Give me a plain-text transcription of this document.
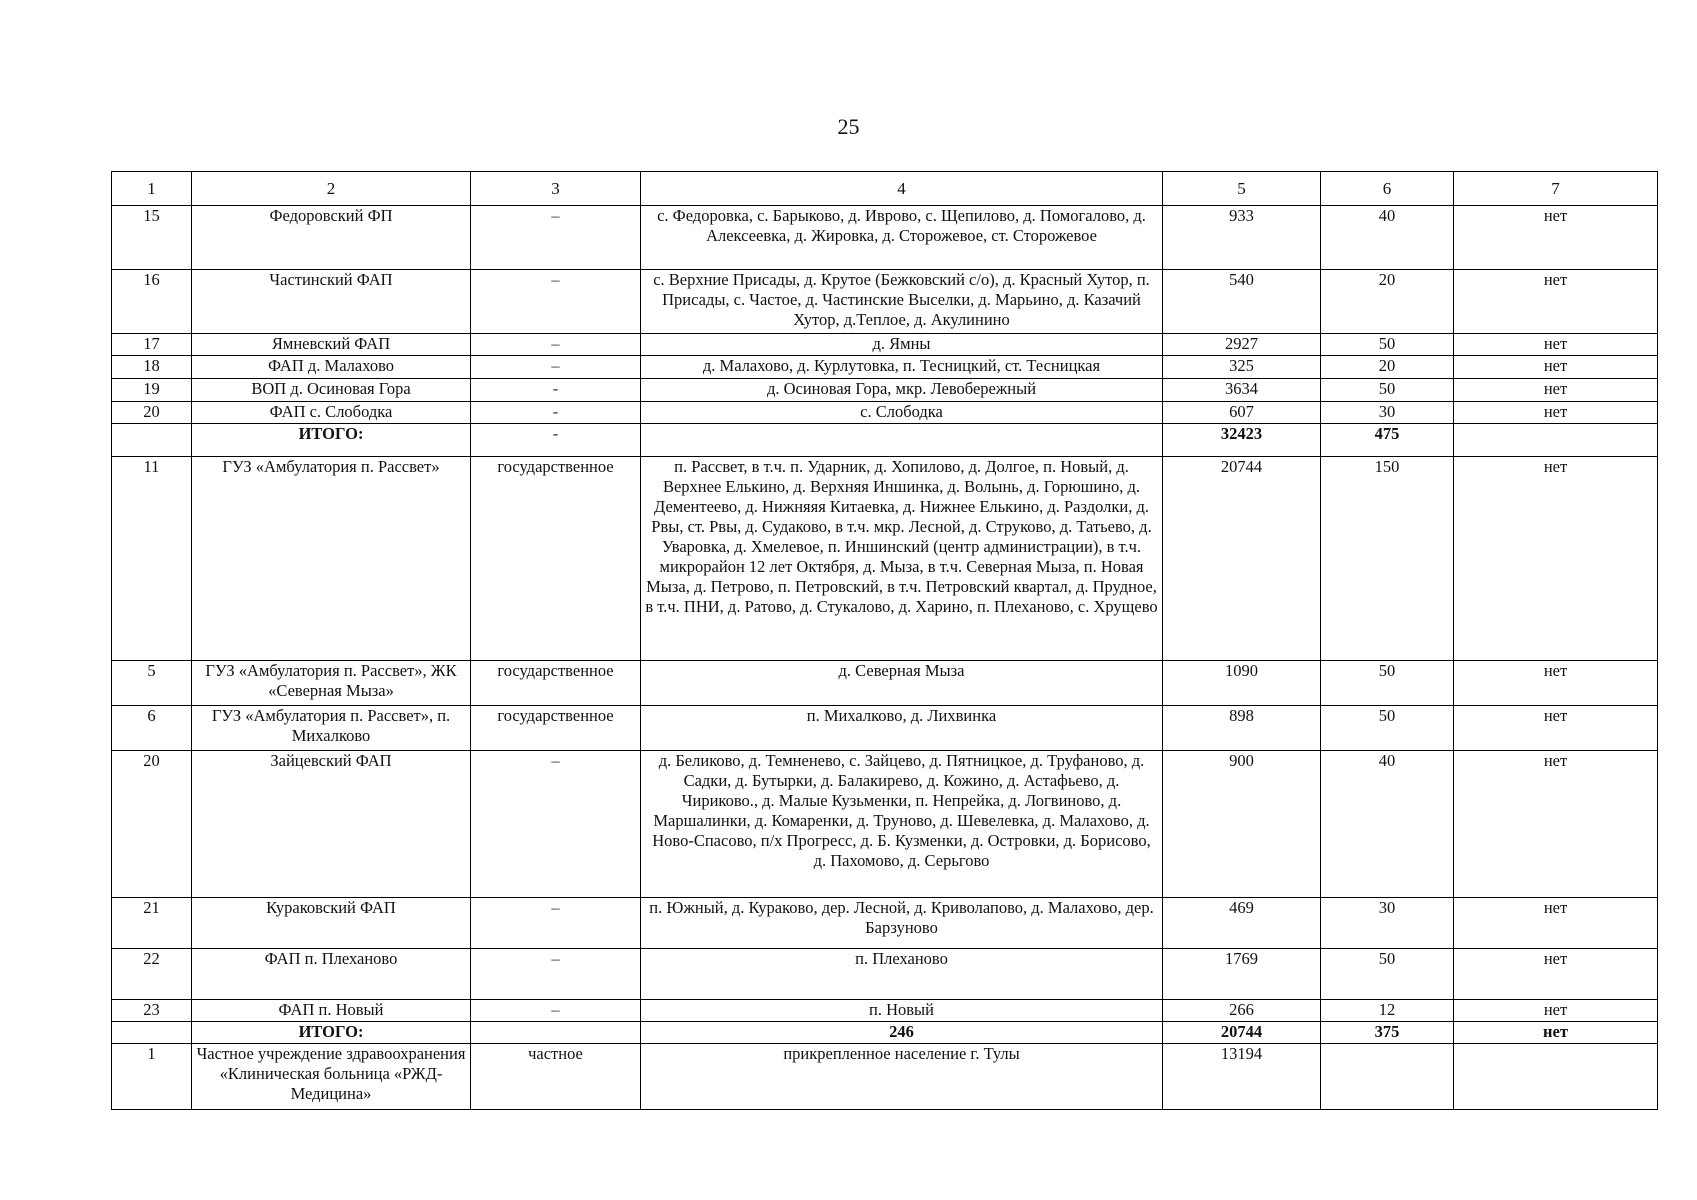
25
1	2	3	4	5	6	7
15	Федоровский ФП	–	с. Федоровка, с. Барыково, д. Иврово, с. Щепилово, д. Помогалово, д. Алексеевка, д. Жировка, д. Сторожевое, ст. Сторожевое	933	40	нет
16	Частинский ФАП	–	с. Верхние Присады, д. Крутое (Бежковский с/о), д. Красный Хутор, п. Присады, с. Частое, д. Частинские Выселки, д. Марьино, д. Казачий Хутор, д.Теплое, д. Акулинино	540	20	нет
17	Ямневский ФАП	–	д. Ямны	2927	50	нет
18	ФАП д. Малахово	–	д. Малахово, д. Курлутовка, п. Тесницкий, ст. Тесницкая	325	20	нет
19	ВОП д. Осиновая Гора	-	д. Осиновая Гора, мкр. Левобережный	3634	50	нет
20	ФАП с. Слободка	-	с. Слободка	607	30	нет
	ИТОГО:	-		32423	475	
11	ГУЗ «Амбулатория п. Рассвет»	государственное	п. Рассвет, в т.ч. п. Ударник, д. Хопилово, д. Долгое, п. Новый, д. Верхнее Елькино, д. Верхняя Иншинка, д. Волынь, д. Горюшино, д. Дементеево, д. Нижняяя Китаевка, д. Нижнее Елькино, д. Раздолки, д. Рвы, ст. Рвы, д. Судаково, в т.ч. мкр. Лесной, д. Струково, д. Татьево, д. Уваровка, д. Хмелевое, п. Иншинский (центр администрации), в т.ч. микрорайон 12 лет Октября, д. Мыза, в т.ч. Северная Мыза, п. Новая Мыза, д. Петрово, п. Петровский, в т.ч. Петровский квартал, д. Прудное, в т.ч. ПНИ, д. Ратово, д. Стукалово, д. Харино, п. Плеханово, с. Хрущево	20744	150	нет
5	ГУЗ «Амбулатория п. Рассвет», ЖК «Северная Мыза»	государственное	д. Северная Мыза	1090	50	нет
6	ГУЗ «Амбулатория п. Рассвет», п. Михалково	государственное	п. Михалково, д. Лихвинка	898	50	нет
20	Зайцевский ФАП	–	д. Беликово, д. Темненево, с. Зайцево, д. Пятницкое, д. Труфаново, д. Садки, д. Бутырки, д. Балакирево, д. Кожино, д. Астафьево, д. Чириково., д. Малые Кузьменки, п. Непрейка, д. Логвиново, д. Маршалинки, д. Комаренки, д. Труново, д. Шевелевка, д. Малахово, д. Ново-Спасово, п/х Прогресс, д. Б. Кузменки, д. Островки, д. Борисово, д. Пахомово, д. Серьгово	900	40	нет
21	Кураковский ФАП	–	п. Южный, д. Кураково, дер. Лесной, д. Криволапово, д. Малахово, дер. Барзуново	469	30	нет
22	ФАП п. Плеханово	–	п. Плеханово	1769	50	нет
23	ФАП п. Новый	–	п. Новый	266	12	нет
	ИТОГО:		246	20744	375	нет
1	Частное учреждение здравоохранения «Клиническая больница «РЖД-Медицина»	частное	прикрепленное население г. Тулы	13194		
